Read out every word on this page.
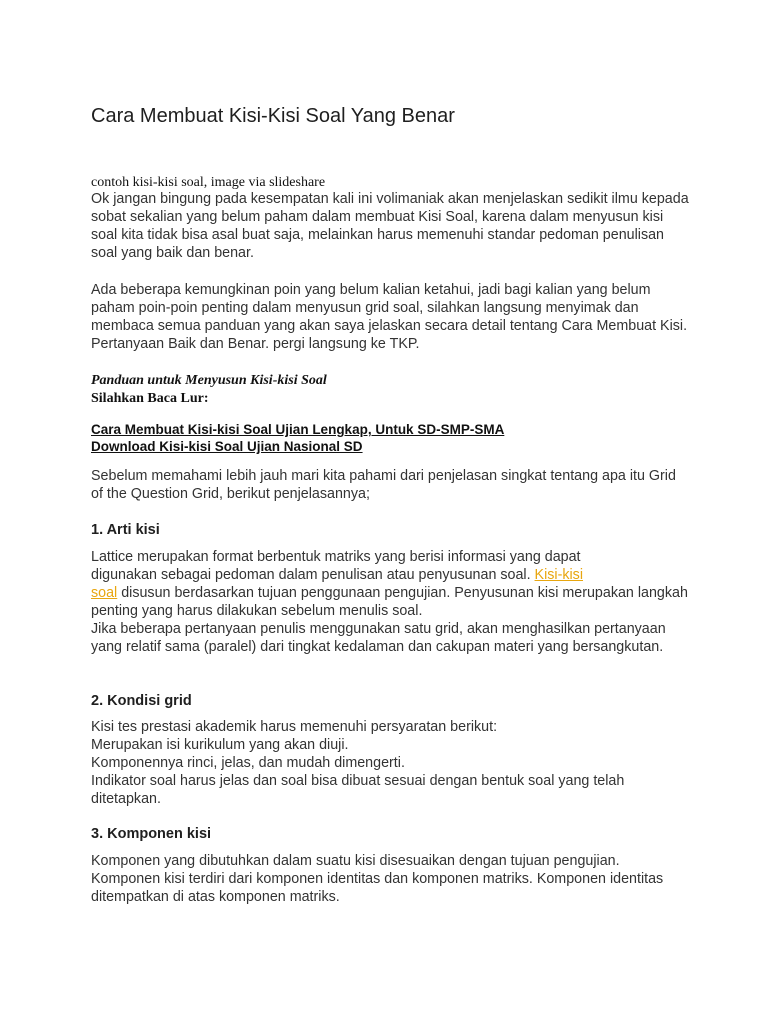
Cara Membuat Kisi-Kisi Soal Yang Benar

contoh kisi-kisi soal, image via slideshare

Ok jangan bingung pada kesempatan kali ini volimaniak akan menjelaskan sedikit ilmu kepada sobat sekalian yang belum paham dalam membuat Kisi Soal, karena dalam menyusun kisi soal kita tidak bisa asal buat saja, melainkan harus memenuhi standar pedoman penulisan soal yang baik dan benar.

Ada beberapa kemungkinan poin yang belum kalian ketahui, jadi bagi kalian yang belum paham poin-poin penting dalam menyusun grid soal, silahkan langsung menyimak dan membaca semua panduan yang akan saya jelaskan secara detail tentang Cara Membuat Kisi. Pertanyaan Baik dan Benar. pergi langsung ke TKP.

Panduan untuk Menyusun Kisi-kisi Soal

Silahkan Baca Lur:

Cara Membuat Kisi-kisi Soal Ujian Lengkap, Untuk SD-SMP-SMA
Download Kisi-kisi Soal Ujian Nasional SD

Sebelum memahami lebih jauh mari kita pahami dari penjelasan singkat tentang apa itu Grid of the Question Grid, berikut penjelasannya;

1. Arti kisi

Lattice merupakan format berbentuk matriks yang berisi informasi yang dapat
digunakan sebagai pedoman dalam penulisan atau penyusunan soal. Kisi-kisi
soal disusun berdasarkan tujuan penggunaan pengujian. Penyusunan kisi merupakan langkah penting yang harus dilakukan sebelum menulis soal.

Jika beberapa pertanyaan penulis menggunakan satu grid, akan menghasilkan pertanyaan yang relatif sama (paralel) dari tingkat kedalaman dan cakupan materi yang bersangkutan.

2. Kondisi grid

Kisi tes prestasi akademik harus memenuhi persyaratan berikut:

Merupakan isi kurikulum yang akan diuji.

Komponennya rinci, jelas, dan mudah dimengerti.

Indikator soal harus jelas dan soal bisa dibuat sesuai dengan bentuk soal yang telah ditetapkan.

3. Komponen kisi

Komponen yang dibutuhkan dalam suatu kisi disesuaikan dengan tujuan pengujian. Komponen kisi terdiri dari komponen identitas dan komponen matriks. Komponen identitas ditempatkan di atas komponen matriks.
